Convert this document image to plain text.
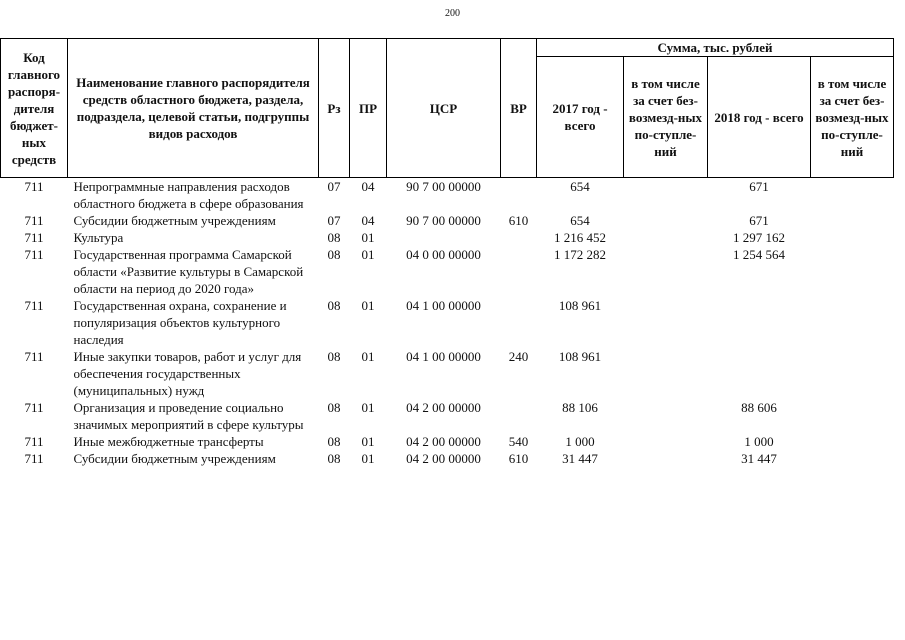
200
Код главного распоря-дителя бюджет-ных средств	Наименование главного распорядителя средств областного бюджета, раздела, подраздела, целевой статьи, подгруппы видов расходов	Рз	ПР	ЦСР	ВР	Сумма, тыс. рублей			
						2017 год - всего	в том числе за счет без-возмезд-ных по-ступле-ний	2018 год - всего	в том числе за счет без-возмезд-ных по-ступле-ний
711	Непрограммные направления расходов областного бюджета в сфере образования	07	04	90 7 00 00000		654		671	
711	Субсидии бюджетным учреждениям	07	04	90 7 00 00000	610	654		671	
711	Культура	08	01			1 216 452		1 297 162	
711	Государственная программа Самарской области «Развитие культуры в Самарской области на период до 2020 года»	08	01	04 0 00 00000		1 172 282		1 254 564	
711	Государственная охрана, сохранение и популяризация объектов культурного наследия	08	01	04 1 00 00000		108 961			
711	Иные закупки товаров, работ и услуг для обеспечения государственных (муниципальных) нужд	08	01	04 1 00 00000	240	108 961			
711	Организация и проведение социально значимых мероприятий в сфере культуры	08	01	04 2 00 00000		88 106		88 606	
711	Иные межбюджетные трансферты	08	01	04 2 00 00000	540	1 000		1 000	
711	Субсидии бюджетным учреждениям	08	01	04 2 00 00000	610	31 447		31 447	
